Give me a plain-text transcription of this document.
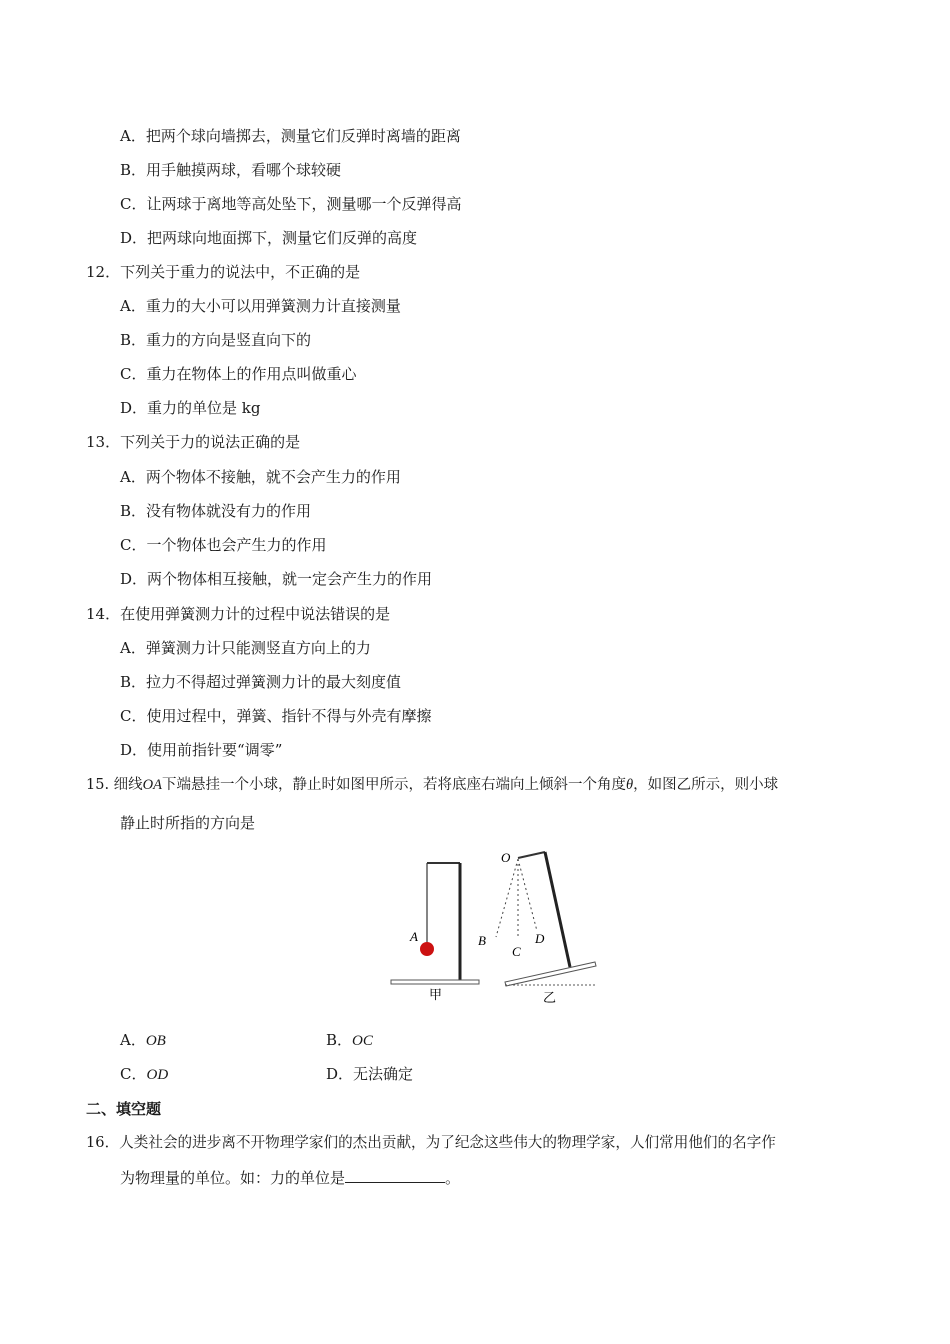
A．把两个球向墙掷去，测量它们反弹时离墙的距离
B．用手触摸两球，看哪个球较硬
C．让两球于离地等高处坠下，测量哪一个反弹得高
D．把两球向地面掷下，测量它们反弹的高度
12．下列关于重力的说法中，不正确的是
A．重力的大小可以用弹簧测力计直接测量
B．重力的方向是竖直向下的
C．重力在物体上的作用点叫做重心
D．重力的单位是 kg
13．下列关于力的说法正确的是
A．两个物体不接触，就不会产生力的作用
B．没有物体就没有力的作用
C．一个物体也会产生力的作用
D．两个物体相互接触，就一定会产生力的作用
14．在使用弹簧测力计的过程中说法错误的是
A．弹簧测力计只能测竖直方向上的力
B．拉力不得超过弹簧测力计的最大刻度值
C．使用过程中，弹簧、指针不得与外壳有摩擦
D．使用前指针要“调零”
15. 细线OA下端悬挂一个小球，静止时如图甲所示，若将底座右端向上倾斜一个角度θ，如图乙所示，则小球
静止时所指的方向是
A
甲
O
B
C
D
乙
A．OB	B．OC
C．OD	D．无法确定
二、填空题
16．人类社会的进步离不开物理学家们的杰出贡献，为了纪念这些伟大的物理学家，人们常用他们的名字作
为物理量的单位。如：力的单位是	。
